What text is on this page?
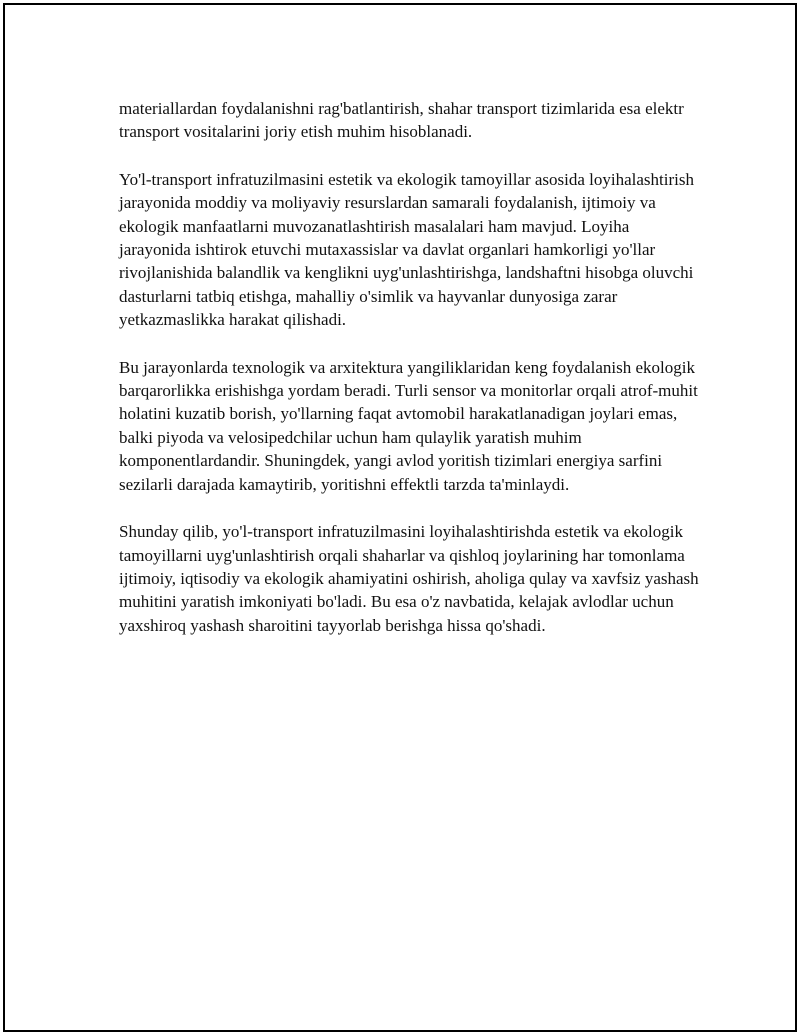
materiallardan foydalanishni rag'batlantirish, shahar transport tizimlarida esa elektr transport vositalarini joriy etish muhim hisoblanadi.

Yo'l-transport infratuzilmasini estetik va ekologik tamoyillar asosida loyihalashtirish jarayonida moddiy va moliyaviy resurslardan samarali foydalanish, ijtimoiy va ekologik manfaatlarni muvozanatlashtirish masalalari ham mavjud. Loyiha jarayonida ishtirok etuvchi mutaxassislar va davlat organlari hamkorligi yo'llar rivojlanishida balandlik va kenglikni uyg'unlashtirishga, landshaftni hisobga oluvchi dasturlarni tatbiq etishga, mahalliy o'simlik va hayvanlar dunyosiga zarar yetkazmaslikka harakat qilishadi.

Bu jarayonlarda texnologik va arxitektura yangiliklaridan keng foydalanish ekologik barqarorlikka erishishga yordam beradi. Turli sensor va monitorlar orqali atrof-muhit holatini kuzatib borish, yo'llarning faqat avtomobil harakatlanadigan joylari emas, balki piyoda va velosipedchilar uchun ham qulaylik yaratish muhim komponentlardandir. Shuningdek, yangi avlod yoritish tizimlari energiya sarfini sezilarli darajada kamaytirib, yoritishni effektli tarzda ta'minlaydi.

Shunday qilib, yo'l-transport infratuzilmasini loyihalashtirishda estetik va ekologik tamoyillarni uyg'unlashtirish orqali shaharlar va qishloq joylarining har tomonlama ijtimoiy, iqtisodiy va ekologik ahamiyatini oshirish, aholiga qulay va xavfsiz yashash muhitini yaratish imkoniyati bo'ladi. Bu esa o'z navbatida, kelajak avlodlar uchun yaxshiroq yashash sharoitini tayyorlab berishga hissa qo'shadi.
